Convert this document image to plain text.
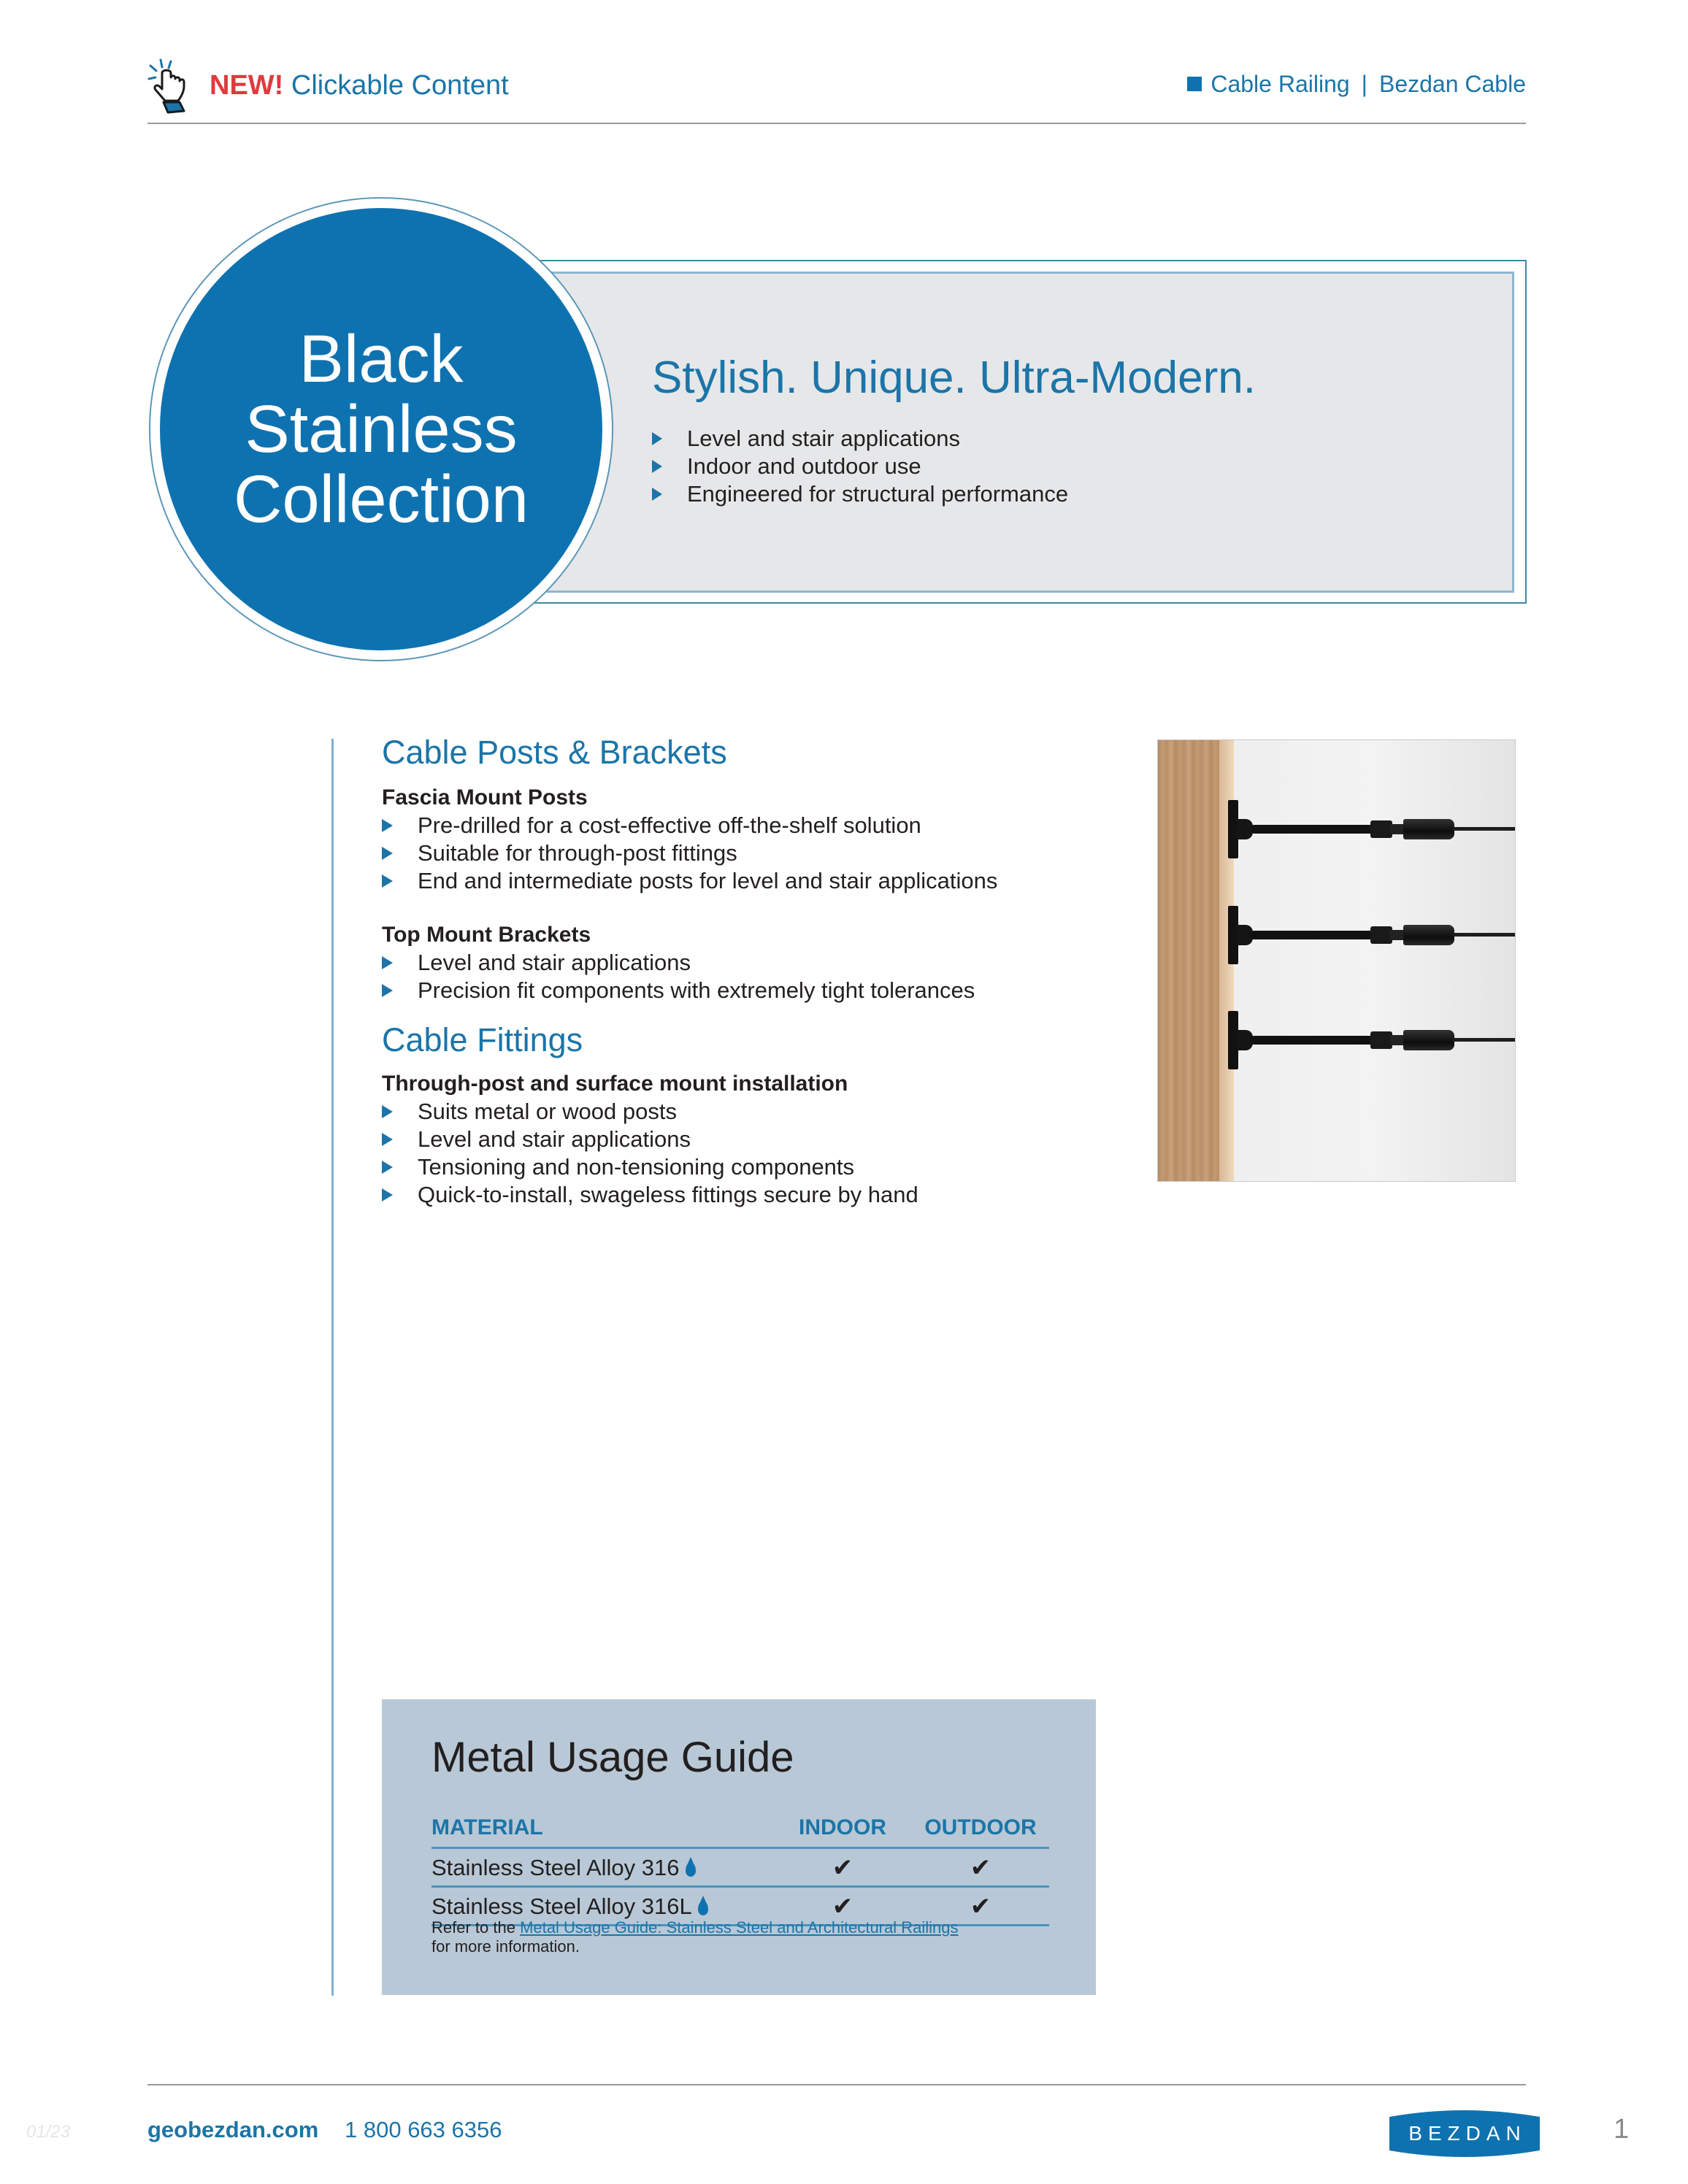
NEW! Clickable Content	Cable Railing | Bezdan Cable
Black
Stainless
Collection
Stylish. Unique. Ultra-Modern.
Level and stair applications
Indoor and outdoor use
Engineered for structural performance
Cable Posts & Brackets
Fascia Mount Posts
Pre-drilled for a cost-effective off-the-shelf solution
Suitable for through-post fittings
End and intermediate posts for level and stair applications
Top Mount Brackets
Level and stair applications
Precision fit components with extremely tight tolerances
Cable Fittings
Through-post and surface mount installation
Suits metal or wood posts
Level and stair applications
Tensioning and non-tensioning components
Quick-to-install, swageless fittings secure by hand
Metal Usage Guide
MATERIAL	INDOOR	OUTDOOR
Stainless Steel Alloy 316	✔	✔
Stainless Steel Alloy 316L	✔	✔
Refer to the Metal Usage Guide: Stainless Steel and Architectural Railings
for more information.
01/23	geobezdan.com 1 800 663 6356	BEZDAN	1
